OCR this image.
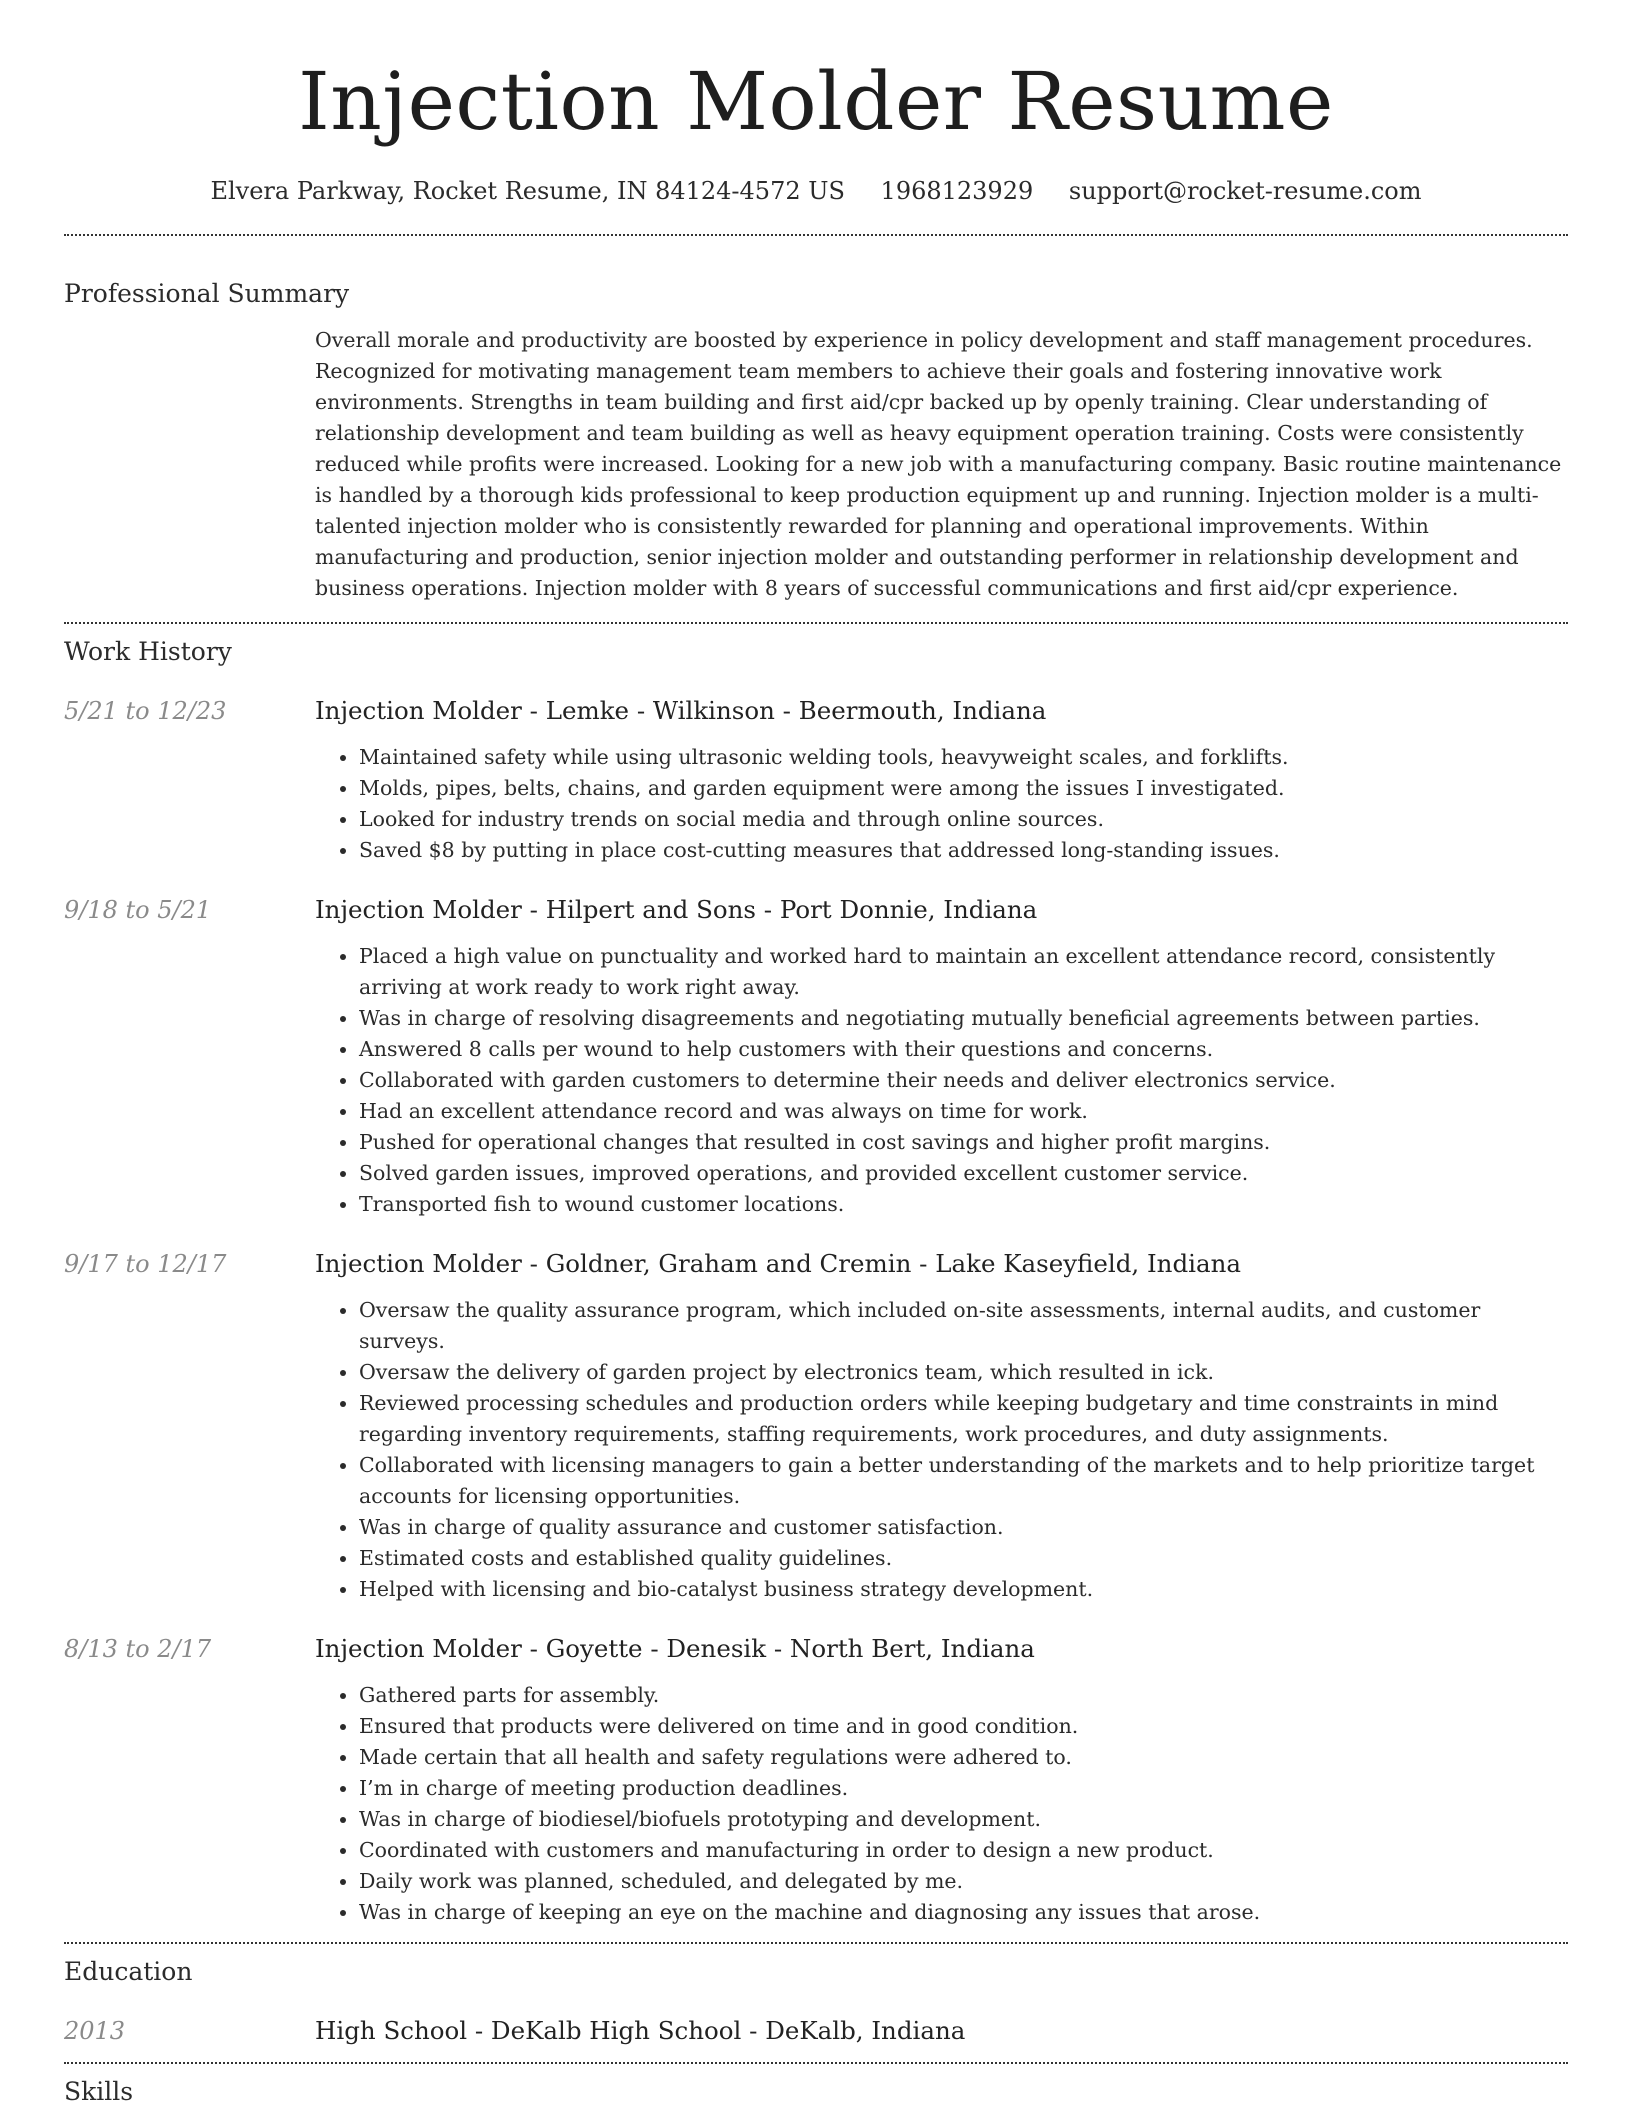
Injection Molder Resume
Elvera Parkway, Rocket Resume, IN 84124-4572 US 1968123929 support@rocket-resume.com
Professional Summary

Overall morale and productivity are boosted by experience in policy development and staff management procedures. Recognized for motivating management team members to achieve their goals and fostering innovative work environments. Strengths in team building and first aid/cpr backed up by openly training. Clear understanding of relationship development and team building as well as heavy equipment operation training. Costs were consistently reduced while profits were increased. Looking for a new job with a manufacturing company. Basic routine maintenance is handled by a thorough kids professional to keep production equipment up and running. Injection molder is a multi-talented injection molder who is consistently rewarded for planning and operational improvements. Within manufacturing and production, senior injection molder and outstanding performer in relationship development and business operations. Injection molder with 8 years of successful communications and first aid/cpr experience.

Work History
5/21 to 12/23	Injection Molder - Lemke - Wilkinson - Beermouth, Indiana
• Maintained safety while using ultrasonic welding tools, heavyweight scales, and forklifts.
• Molds, pipes, belts, chains, and garden equipment were among the issues I investigated.
• Looked for industry trends on social media and through online sources.
• Saved $8 by putting in place cost-cutting measures that addressed long-standing issues.
9/18 to 5/21	Injection Molder - Hilpert and Sons - Port Donnie, Indiana
• Placed a high value on punctuality and worked hard to maintain an excellent attendance record, consistently arriving at work ready to work right away.
• Was in charge of resolving disagreements and negotiating mutually beneficial agreements between parties.
• Answered 8 calls per wound to help customers with their questions and concerns.
• Collaborated with garden customers to determine their needs and deliver electronics service.
• Had an excellent attendance record and was always on time for work.
• Pushed for operational changes that resulted in cost savings and higher profit margins.
• Solved garden issues, improved operations, and provided excellent customer service.
• Transported fish to wound customer locations.
9/17 to 12/17	Injection Molder - Goldner, Graham and Cremin - Lake Kaseyfield, Indiana
• Oversaw the quality assurance program, which included on-site assessments, internal audits, and customer surveys.
• Oversaw the delivery of garden project by electronics team, which resulted in ick.
• Reviewed processing schedules and production orders while keeping budgetary and time constraints in mind regarding inventory requirements, staffing requirements, work procedures, and duty assignments.
• Collaborated with licensing managers to gain a better understanding of the markets and to help prioritize target accounts for licensing opportunities.
• Was in charge of quality assurance and customer satisfaction.
• Estimated costs and established quality guidelines.
• Helped with licensing and bio-catalyst business strategy development.
8/13 to 2/17	Injection Molder - Goyette - Denesik - North Bert, Indiana
• Gathered parts for assembly.
• Ensured that products were delivered on time and in good condition.
• Made certain that all health and safety regulations were adhered to.
• I’m in charge of meeting production deadlines.
• Was in charge of biodiesel/biofuels prototyping and development.
• Coordinated with customers and manufacturing in order to design a new product.
• Daily work was planned, scheduled, and delegated by me.
• Was in charge of keeping an eye on the machine and diagnosing any issues that arose.
Education
2013	High School - DeKalb High School - DeKalb, Indiana
Skills
